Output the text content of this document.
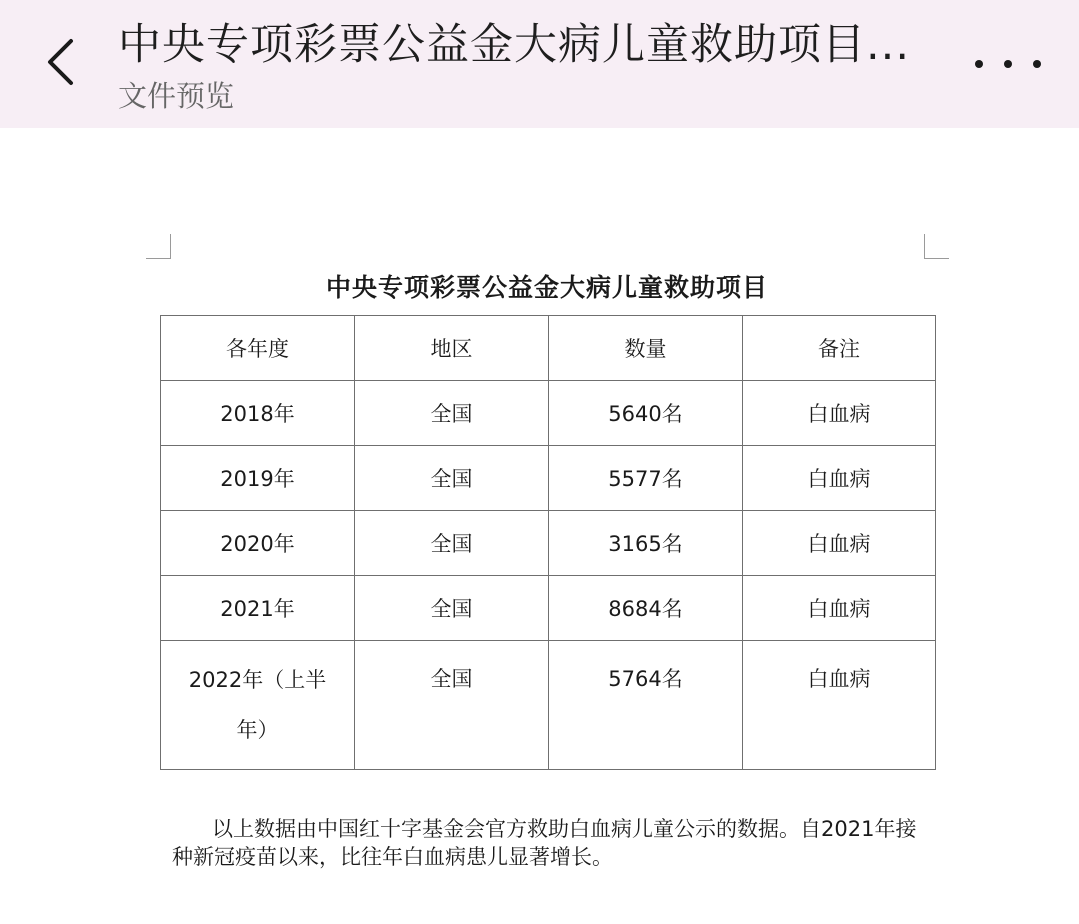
中央专项彩票公益金大病儿童救助项目...
文件预览
中央专项彩票公益金大病儿童救助项目
各年度	地区	数量	备注
2018年	全国	5640名	白血病
2019年	全国	5577名	白血病
2020年	全国	3165名	白血病
2021年	全国	8684名	白血病
2022年（上半年）	全国	5764名	白血病
以上数据由中国红十字基金会官方救助白血病儿童公示的数据。自2021年接种新冠疫苗以来，比往年白血病患儿显著增长。
